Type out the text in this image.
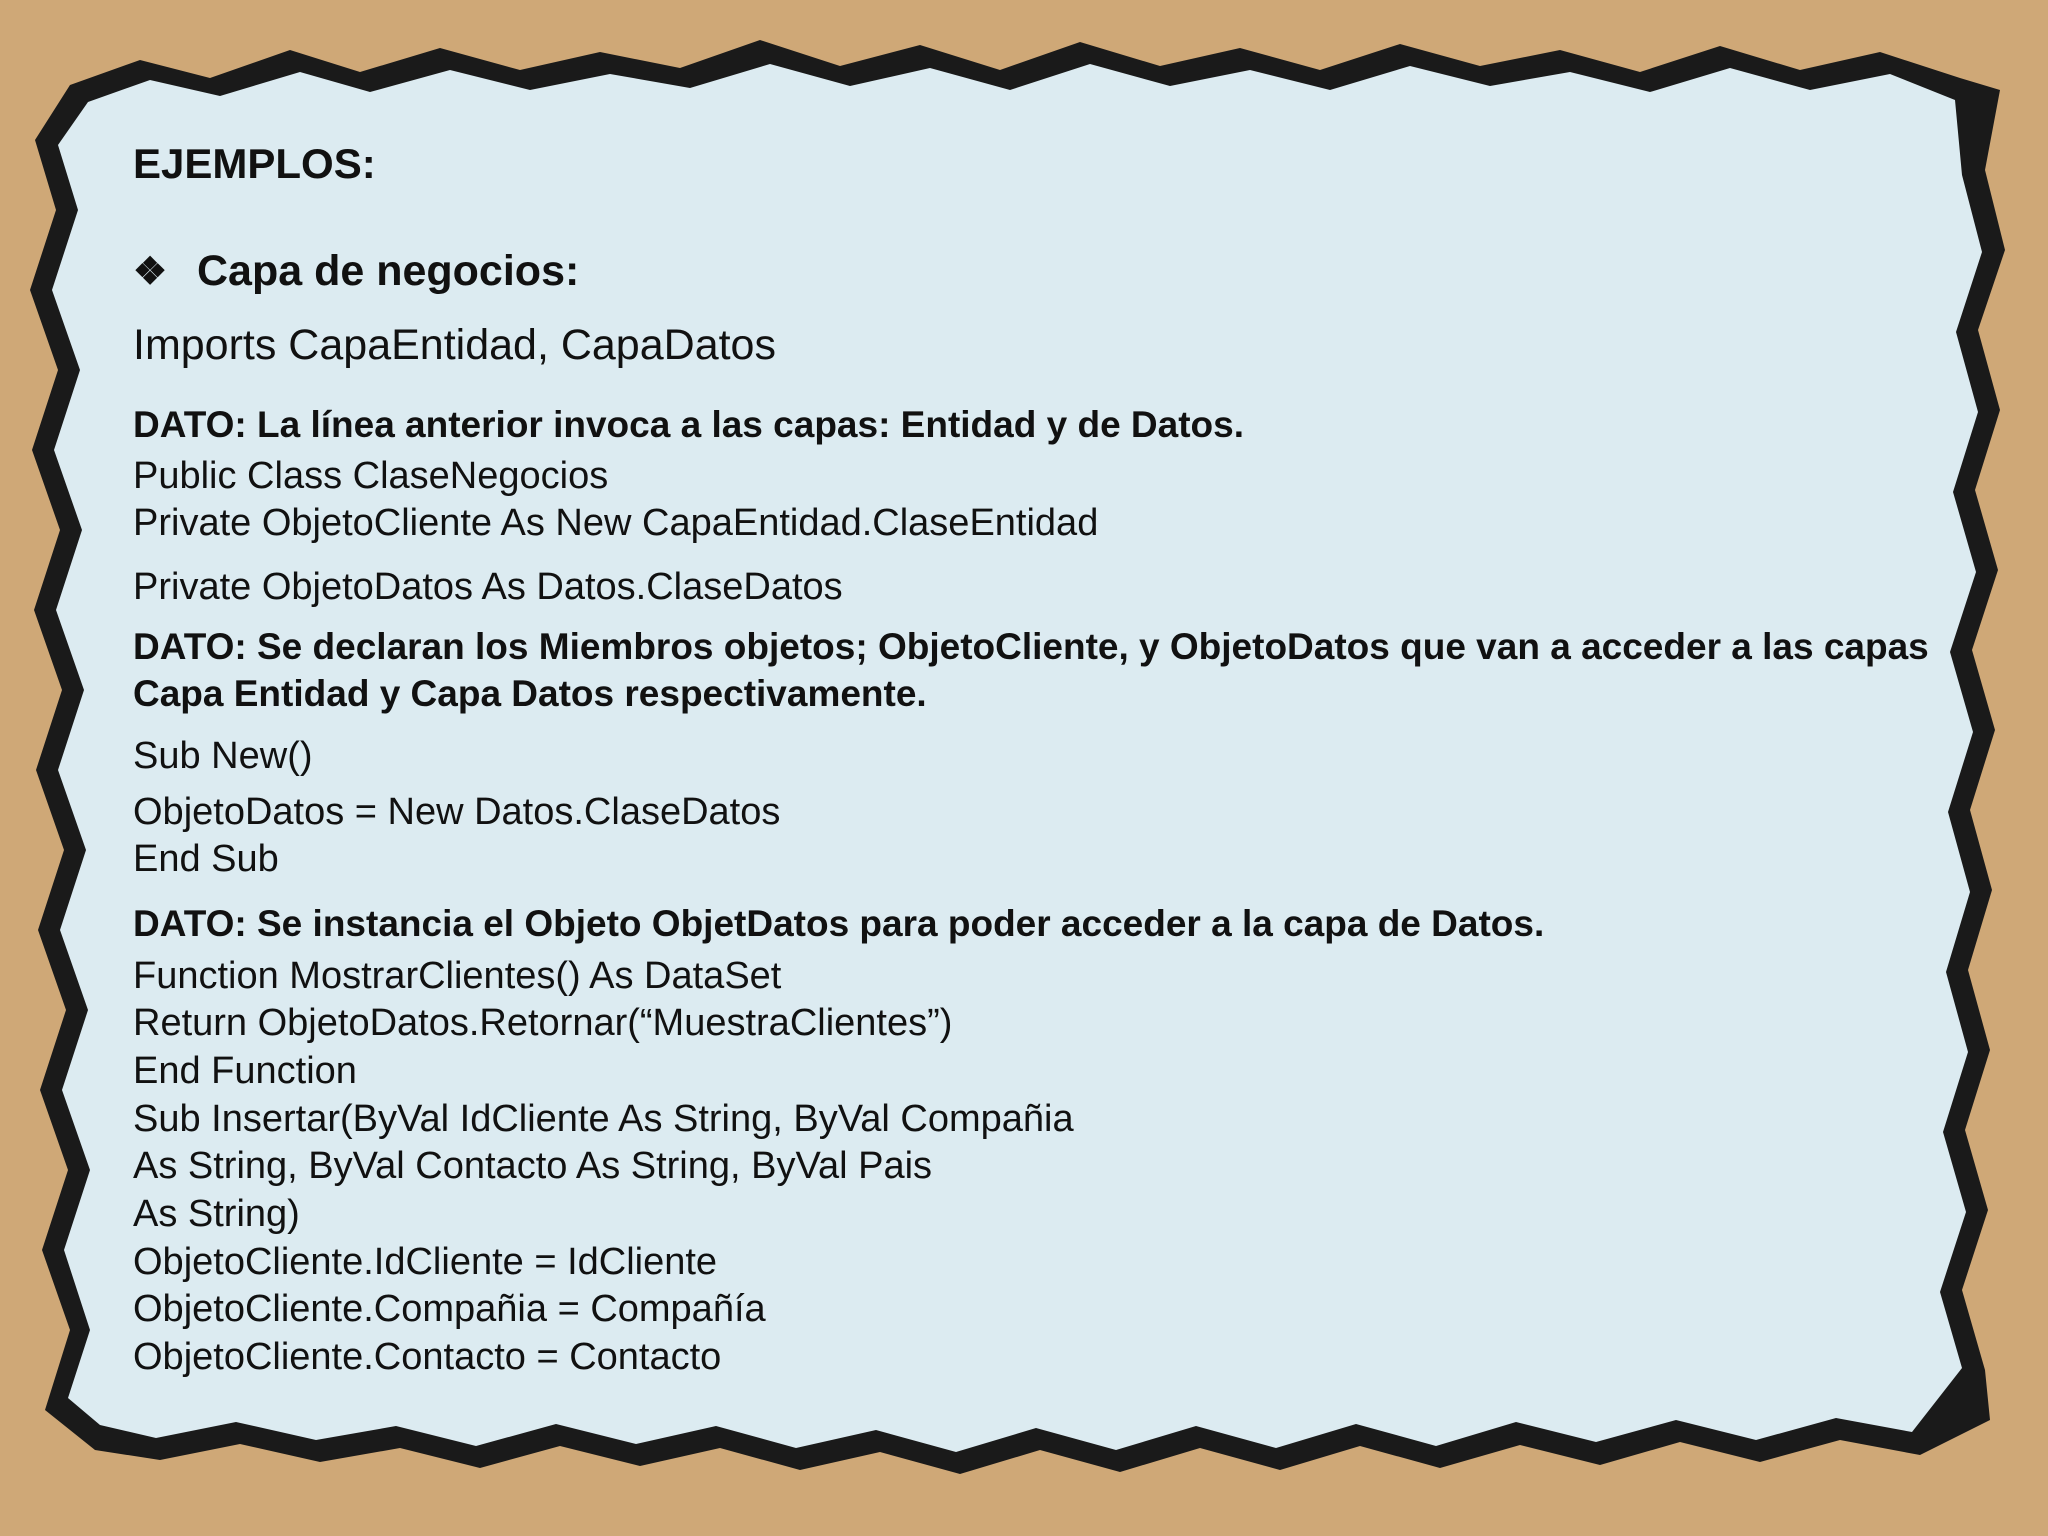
EJEMPLOS:
❖ Capa de negocios:
Imports CapaEntidad, CapaDatos
DATO: La línea anterior invoca a las capas: Entidad y de Datos.
Public Class ClaseNegocios
Private ObjetoCliente As New CapaEntidad.ClaseEntidad
Private ObjetoDatos As Datos.ClaseDatos
DATO: Se declaran los Miembros objetos; ObjetoCliente, y ObjetoDatos que van a acceder a las capas Capa Entidad y Capa Datos respectivamente.
Sub New()
ObjetoDatos = New Datos.ClaseDatos
End Sub
DATO: Se instancia el Objeto ObjetDatos para poder acceder a la capa de Datos.
Function MostrarClientes() As DataSet
Return ObjetoDatos.Retornar(“MuestraClientes”)
End Function
Sub Insertar(ByVal IdCliente As String, ByVal Compañia
As String, ByVal Contacto As String, ByVal Pais
As String)
ObjetoCliente.IdCliente = IdCliente
ObjetoCliente.Compañia = Compañía
ObjetoCliente.Contacto = Contacto
